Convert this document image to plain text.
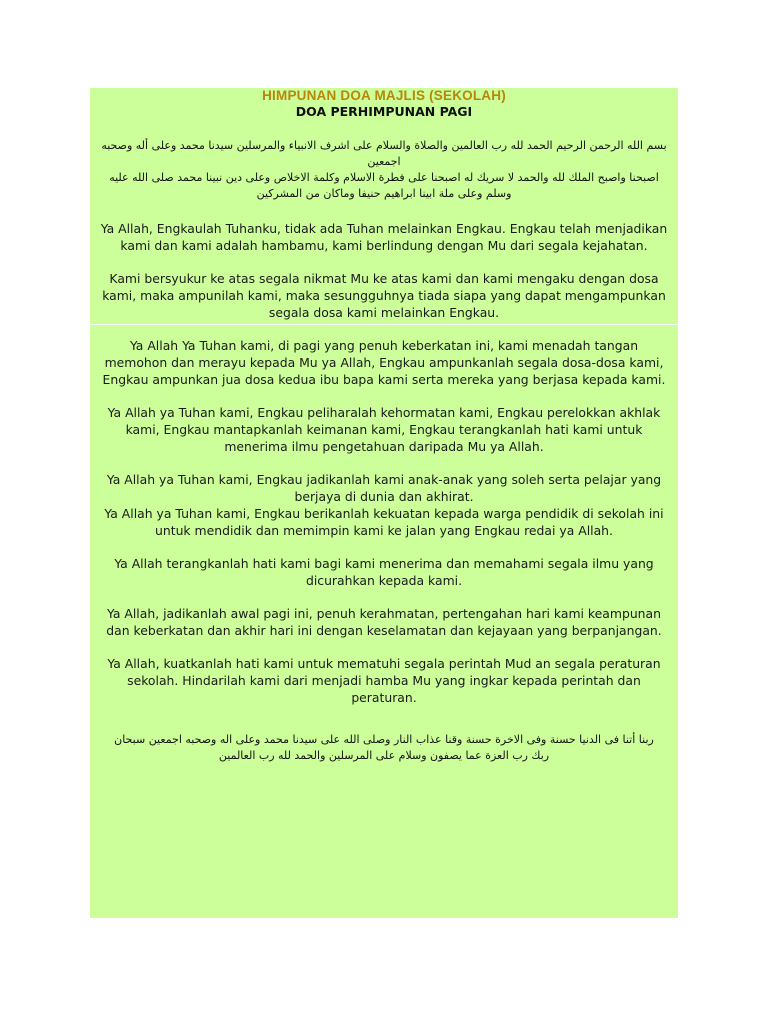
HIMPUNAN DOA MAJLIS (SEKOLAH)
DOA PERHIMPUNAN PAGI

بسم الله الرحمن الرحيم الحمد لله رب العالمين والصلاة والسلام على اشرف الانبياء والمرسلين سيدنا محمد وعلى أله وصحبه اجمعين

اصبحنا واصبح الملك لله والحمد لا سريك له اصبحنا على فطرة الاسلام وكلمة الاخلاص وعلى دين نبينا محمد صلى الله عليه وسلم وعلى ملة ابينا ابراهيم حنيفا وماكان من المشركين

Ya Allah, Engkaulah Tuhanku, tidak ada Tuhan melainkan Engkau. Engkau telah menjadikan kami dan kami adalah hambamu, kami berlindung dengan Mu dari segala kejahatan.

Kami bersyukur ke atas segala nikmat Mu ke atas kami dan kami mengaku dengan dosa kami, maka ampunilah kami, maka sesungguhnya tiada siapa yang dapat mengampunkan segala dosa kami melainkan Engkau.

Ya Allah Ya Tuhan kami, di pagi yang penuh keberkatan ini, kami menadah tangan memohon dan merayu kepada Mu ya Allah, Engkau ampunkanlah segala dosa-dosa kami, Engkau ampunkan jua dosa kedua ibu bapa kami serta mereka yang berjasa kepada kami.

Ya Allah ya Tuhan kami, Engkau peliharalah kehormatan kami, Engkau perelokkan akhlak kami, Engkau mantapkanlah keimanan kami, Engkau terangkanlah hati kami untuk menerima ilmu pengetahuan daripada Mu ya Allah.

Ya Allah ya Tuhan kami, Engkau jadikanlah kami anak-anak yang soleh serta pelajar yang berjaya di dunia dan akhirat.

Ya Allah ya Tuhan kami, Engkau berikanlah kekuatan kepada warga pendidik di sekolah ini untuk mendidik dan memimpin kami ke jalan yang Engkau redai ya Allah.

Ya Allah terangkanlah hati kami bagi kami menerima dan memahami segala ilmu yang dicurahkan kepada kami.

Ya Allah, jadikanlah awal pagi ini, penuh kerahmatan, pertengahan hari kami keampunan dan keberkatan dan akhir hari ini dengan keselamatan dan kejayaan yang berpanjangan.

Ya Allah, kuatkanlah hati kami untuk mematuhi segala perintah Mud an segala peraturan sekolah. Hindarilah kami dari menjadi hamba Mu yang ingkar kepada perintah dan peraturan.

ربنا أتنا فى الدنيا حسنة وفى الاخرة حسنة وقنا عذاب النار وصلى الله على سيدنا محمد وعلى اله وصحبه اجمعين سبحان

ربك رب العزة عما يصفون وسلام على المرسلين والحمد لله رب العالمين
